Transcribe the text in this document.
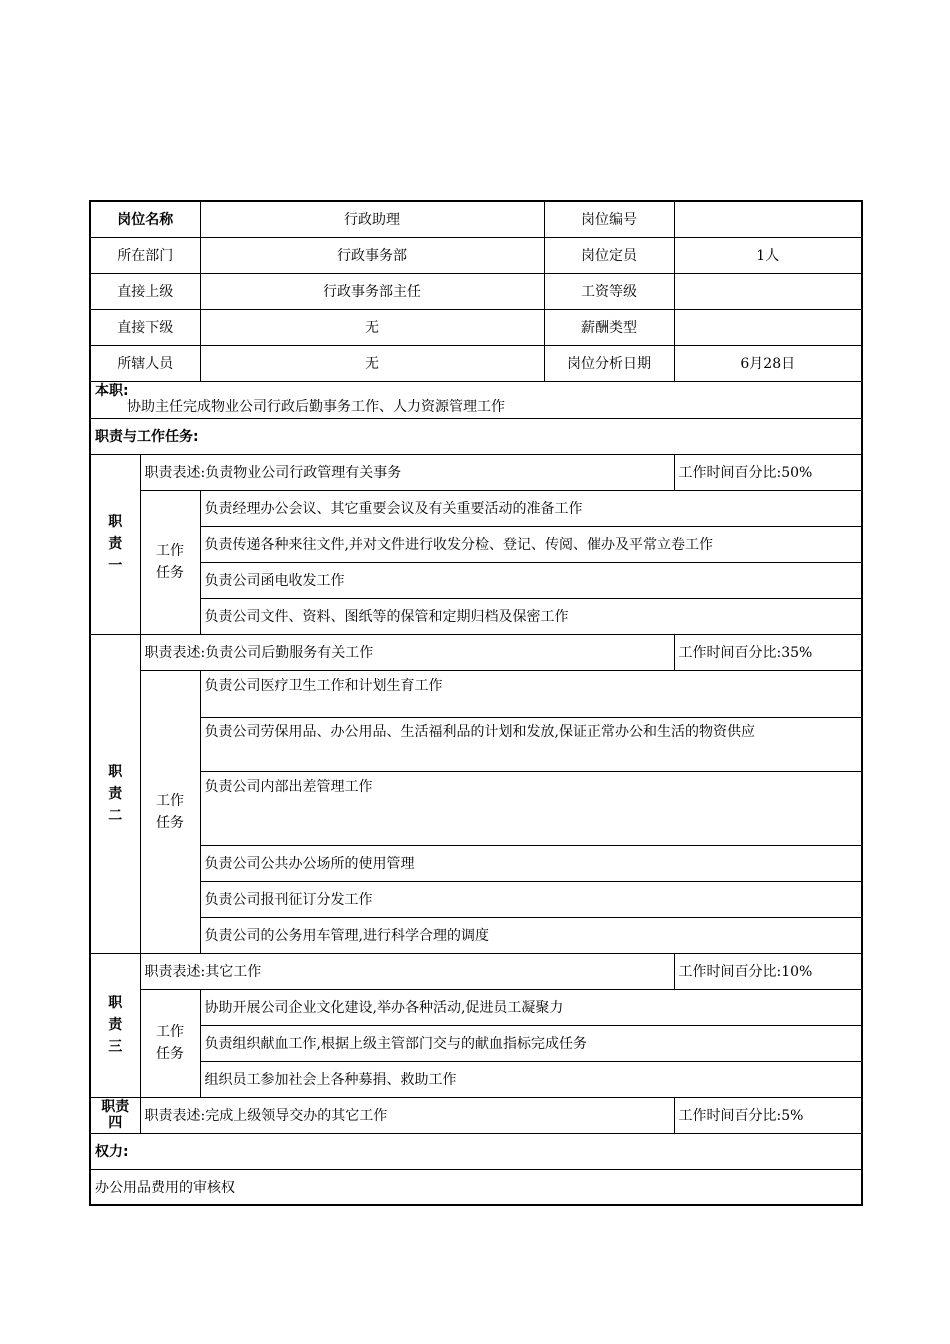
岗位名称		行政助理	岗位编号	
所在部门		行政事务部	岗位定员	1人
直接上级		行政事务部主任	工资等级	
直接下级		无	薪酬类型	
所辖人员		无	岗位分析日期	6月28日

本职:
协助主任完成物业公司行政后勤事务工作、人力资源管理工作				

职责与工作任务:				
职责一	职责表述:负责物业公司行政管理有关事务			工作时间百分比:50%
	工作任务	负责经理办公会议、其它重要会议及有关重要活动的准备工作		
		负责传递各种来往文件,并对文件进行收发分检、登记、传阅、催办及平常立卷工作		
		负责公司函电收发工作		
		负责公司文件、资料、图纸等的保管和定期归档及保密工作		
职责二	职责表述:负责公司后勤服务有关工作			工作时间百分比:35%
	工作任务	负责公司医疗卫生工作和计划生育工作		
		负责公司劳保用品、办公用品、生活福利品的计划和发放,保证正常办公和生活的物资供应		
		负责公司内部出差管理工作		
		负责公司公共办公场所的使用管理		
		负责公司报刊征订分发工作		
		负责公司的公务用车管理,进行科学合理的调度		
职责三	职责表述:其它工作			工作时间百分比:10%
	工作任务	协助开展公司企业文化建设,举办各种活动,促进员工凝聚力		
		负责组织献血工作,根据上级主管部门交与的献血指标完成任务		
		组织员工参加社会上各种募捐、救助工作		
职责四	职责表述:完成上级领导交办的其它工作			工作时间百分比:5%
权力:				
办公用品费用的审核权				
